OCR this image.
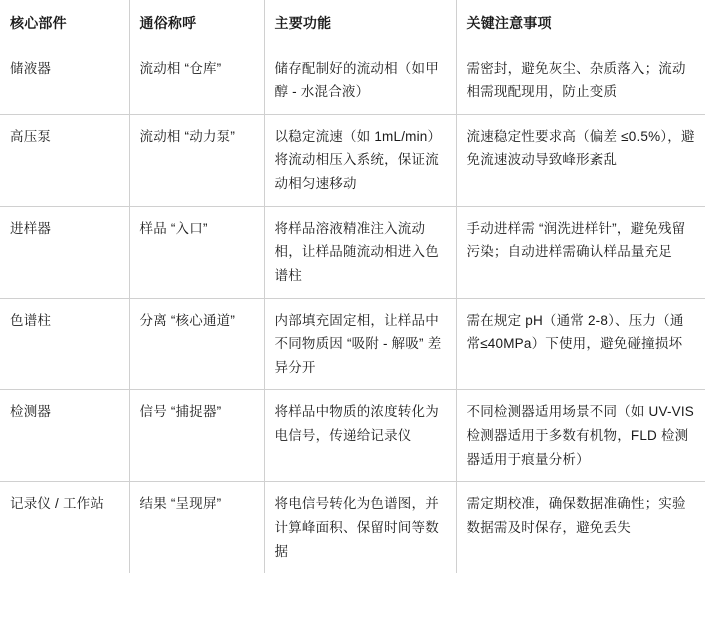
核心部件	通俗称呼	主要功能	关键注意事项
储液器	流动相 “仓库”	储存配制好的流动相（如甲醇 - 水混合液）	需密封，避免灰尘、杂质落入；流动相需现配现用，防止变质
高压泵	流动相 “动力泵”	以稳定流速（如 1mL/min）将流动相压入系统，保证流动相匀速移动	流速稳定性要求高（偏差 ≤0.5%），避免流速波动导致峰形紊乱
进样器	样品 “入口”	将样品溶液精准注入流动相，让样品随流动相进入色谱柱	手动进样需 “润洗进样针”，避免残留污染；自动进样需确认样品量充足
色谱柱	分离 “核心通道”	内部填充固定相，让样品中不同物质因 “吸附 - 解吸” 差异分开	需在规定 pH（通常 2-8）、压力（通常≤40MPa）下使用，避免碰撞损坏
检测器	信号 “捕捉器”	将样品中物质的浓度转化为电信号，传递给记录仪	不同检测器适用场景不同（如 UV-VIS 检测器适用于多数有机物，FLD 检测器适用于痕量分析）
记录仪 / 工作站	结果 “呈现屏”	将电信号转化为色谱图，并计算峰面积、保留时间等数据	需定期校准，确保数据准确性；实验数据需及时保存，避免丢失
